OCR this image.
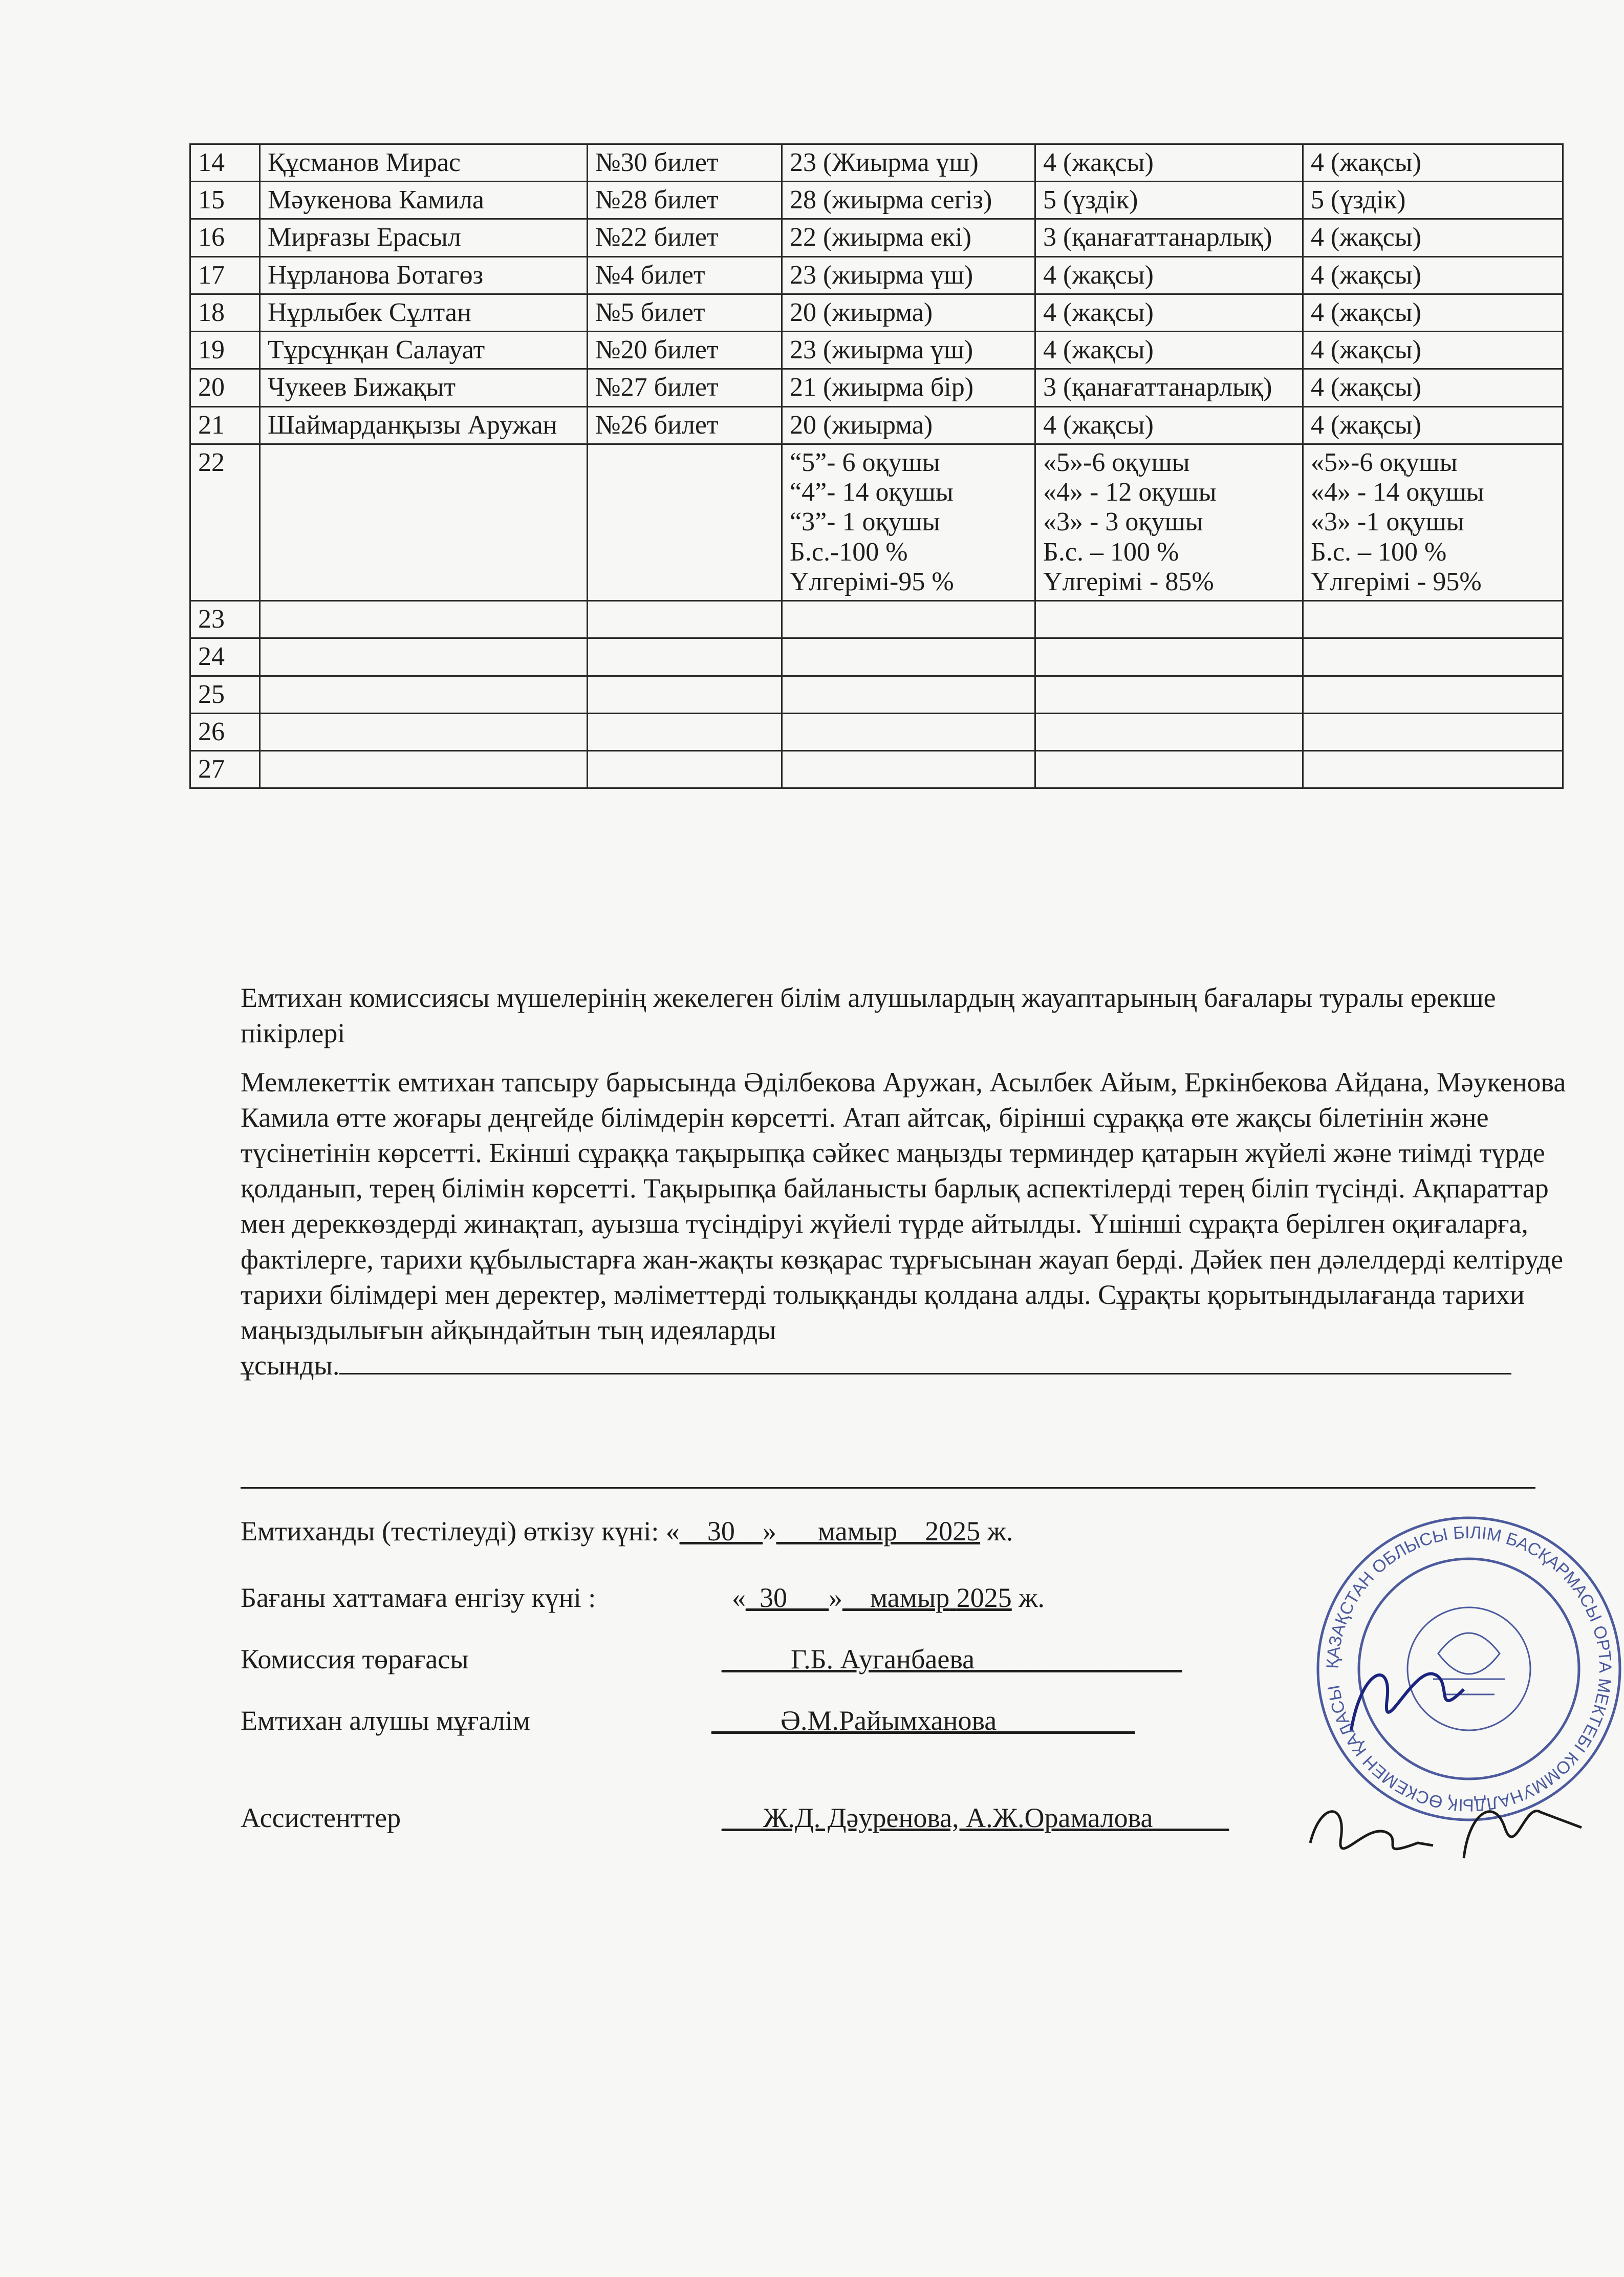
14	Құсманов Мирас	№30 билет	23 (Жиырма үш)	4 (жақсы)	4 (жақсы)
15	Мәукенова Камила	№28 билет	28 (жиырма сегіз)	5 (үздік)	5 (үздік)
16	Мирғазы Ерасыл	№22 билет	22 (жиырма екі)	3 (қанағаттанарлық)	4 (жақсы)
17	Нұрланова Ботагөз	№4 билет	23 (жиырма үш)	4 (жақсы)	4 (жақсы)
18	Нұрлыбек Сұлтан	№5 билет	20 (жиырма)	4 (жақсы)	4 (жақсы)
19	Тұрсұнқан Салауат	№20 билет	23 (жиырма үш)	4 (жақсы)	4 (жақсы)
20	Чукеев Бижақыт	№27 билет	21 (жиырма бір)	3 (қанағаттанарлық)	4 (жақсы)
21	Шаймарданқызы Аружан	№26 билет	20 (жиырма)	4 (жақсы)	4 (жақсы)
22			“5”- 6 оқушы
“4”- 14 оқушы
“3”- 1 оқушы
Б.с.-100 %
Үлгерімі-95 %	«5»-6 оқушы
«4» - 12 оқушы
«3» - 3 оқушы
Б.с. – 100 %
Үлгерімі - 85%	«5»-6 оқушы
«4» - 14 оқушы
«3» -1 оқушы
Б.с. – 100 %
Үлгерімі - 95%
23					
24					
25					
26					
27					
Емтихан комиссиясы мүшелерінің жекелеген білім алушылардың жауаптарының бағалары туралы ерекше пікірлері
Мемлекеттік емтихан тапсыру барысында Әділбекова Аружан, Асылбек Айым, Еркінбекова Айдана, Мәукенова Камила өтте жоғары деңгейде білімдерін көрсетті. Атап айтсақ, бірінші сұраққа өте жақсы білетінін және түсінетінін көрсетті. Екінші сұраққа тақырыпқа сәйкес маңызды терминдер қатарын жүйелі және тиімді түрде қолданып, терең білімін көрсетті. Тақырыпқа байланысты барлық аспектілерді терең біліп түсінді. Ақпараттар мен дереккөздерді жинақтап, ауызша түсіндіруі жүйелі түрде айтылды. Үшінші сұрақта берілген оқиғаларға, фактілерге, тарихи құбылыстарға жан-жақты көзқарас тұрғысынан жауап берді. Дәйек пен дәлелдерді келтіруде тарихи білімдері мен деректер, мәліметтерді толыққанды қолдана алды. Сұрақты қорытындылағанда тарихи маңыздылығын айқындайтын тың идеяларды
ұсынды.
Емтиханды (тестілеуді) өткізу күні: «__30__»___мамыр__2025 ж.
Бағаны хаттамаға енгізу күні :	«_30___»__мамыр 2025 ж.
Комиссия төрағасы	_____Г.Б. Ауганбаева_______________
Емтихан алушы мұғалім	_____Ә.М.Райымханова__________
Ассистенттер	___Ж.Д. Дәуренова, А.Ж.Орамалова _____
ҚАЗАҚСТАН ОБЛЫСЫ БІЛІМ БАСҚАРМАСЫ ОРТА МЕКТЕБІ КОММУНАЛДЫҚ ӨСКЕМЕН ҚАЛАСЫ
